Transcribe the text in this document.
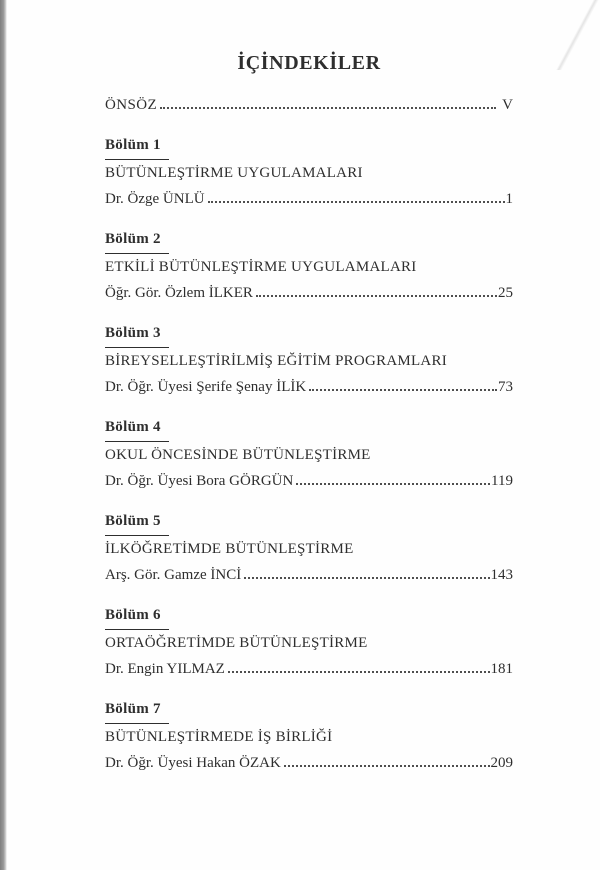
İÇİNDEKİLER
ÖNSÖZ	V
Bölüm 1
BÜTÜNLEŞTİRME UYGULAMALARI
Dr. Özge ÜNLÜ	1
Bölüm 2
ETKİLİ BÜTÜNLEŞTİRME UYGULAMALARI
Öğr. Gör. Özlem İLKER	25
Bölüm 3
BİREYSELLEŞTİRİLMİŞ EĞİTİM PROGRAMLARI
Dr. Öğr. Üyesi Şerife Şenay İLİK	73
Bölüm 4
OKUL ÖNCESİNDE BÜTÜNLEŞTİRME
Dr. Öğr. Üyesi Bora GÖRGÜN	119
Bölüm 5
İLKÖĞRETİMDE BÜTÜNLEŞTİRME
Arş. Gör. Gamze İNCİ	143
Bölüm 6
ORTAÖĞRETİMDE BÜTÜNLEŞTİRME
Dr. Engin YILMAZ	181
Bölüm 7
BÜTÜNLEŞTİRMEDE İŞ BİRLİĞİ
Dr. Öğr. Üyesi Hakan ÖZAK	209
